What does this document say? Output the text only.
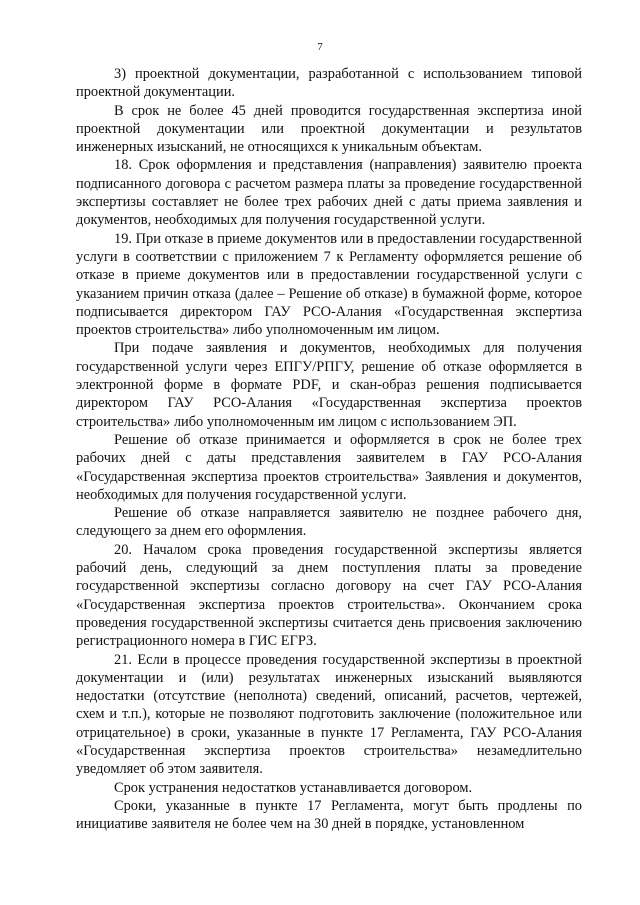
7

3) проектной документации, разработанной с использованием типовой проектной документации.

В срок не более 45 дней проводится государственная экспертиза иной проектной документации или проектной документации и результатов инженерных изысканий, не относящихся к уникальным объектам.

18. Срок оформления и представления (направления) заявителю проекта подписанного договора с расчетом размера платы за проведение государственной экспертизы составляет не более трех рабочих дней с даты приема заявления и документов, необходимых для получения государственной услуги.

19. При отказе в приеме документов или в предоставлении государственной услуги в соответствии с приложением 7 к Регламенту оформляется решение об отказе в приеме документов или в предоставлении государственной услуги с указанием причин отказа (далее – Решение об отказе) в бумажной форме, которое подписывается директором ГАУ РСО-Алания «Государственная экспертиза проектов строительства» либо уполномоченным им лицом.

При подаче заявления и документов, необходимых для получения государственной услуги через ЕПГУ/РПГУ, решение об отказе оформляется в электронной форме в формате PDF, и скан-образ решения подписывается директором ГАУ РСО-Алания «Государственная экспертиза проектов строительства» либо уполномоченным им лицом с использованием ЭП.

Решение об отказе принимается и оформляется в срок не более трех рабочих дней с даты представления заявителем в ГАУ РСО-Алания «Государственная экспертиза проектов строительства» Заявления и документов, необходимых для получения государственной услуги.

Решение об отказе направляется заявителю не позднее рабочего дня, следующего за днем его оформления.

20. Началом срока проведения государственной экспертизы является рабочий день, следующий за днем поступления платы за проведение государственной экспертизы согласно договору на счет ГАУ РСО-Алания «Государственная экспертиза проектов строительства». Окончанием срока проведения государственной экспертизы считается день присвоения заключению регистрационного номера в ГИС ЕГРЗ.

21. Если в процессе проведения государственной экспертизы в проектной документации и (или) результатах инженерных изысканий выявляются недостатки (отсутствие (неполнота) сведений, описаний, расчетов, чертежей, схем и т.п.), которые не позволяют подготовить заключение (положительное или отрицательное) в сроки, указанные в пункте 17 Регламента, ГАУ РСО-Алания «Государственная экспертиза проектов строительства» незамедлительно уведомляет об этом заявителя.

Срок устранения недостатков устанавливается договором.

Сроки, указанные в пункте 17 Регламента, могут быть продлены по инициативе заявителя не более чем на 30 дней в порядке, установленном
